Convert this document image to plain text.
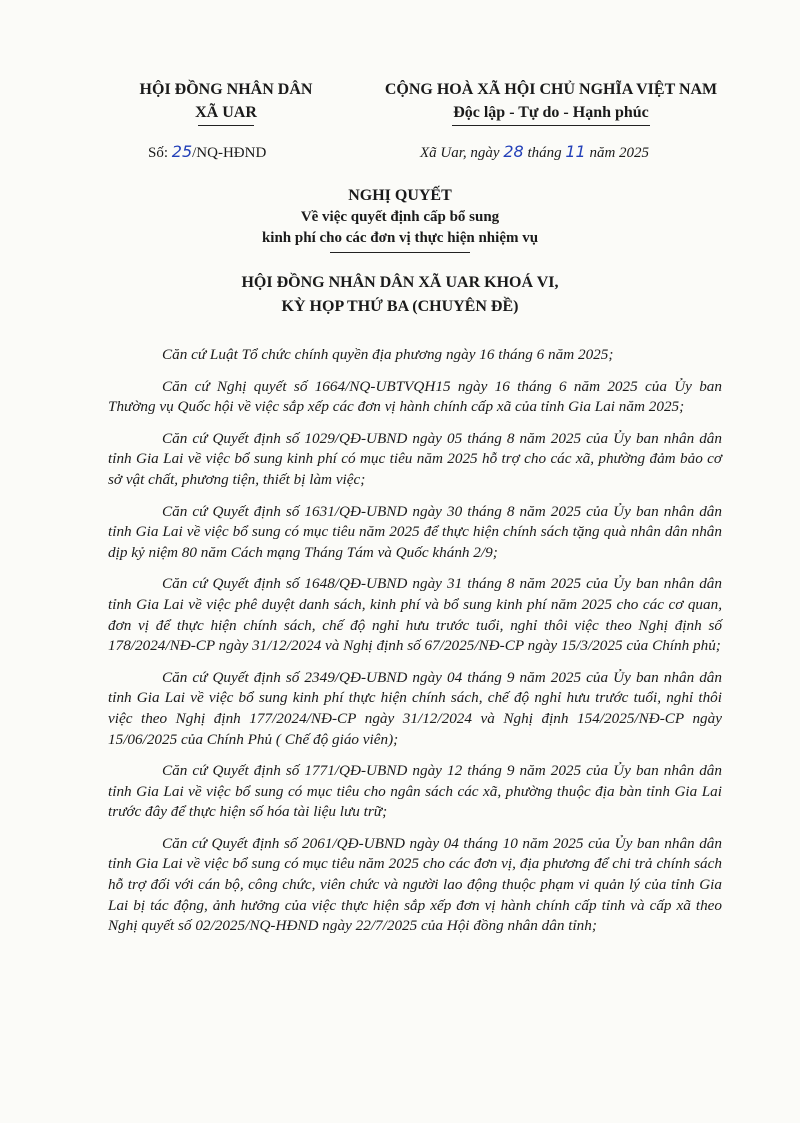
HỘI ĐỒNG NHÂN DÂN
XÃ UAR
CỘNG HOÀ XÃ HỘI CHỦ NGHĨA VIỆT NAM
Độc lập - Tự do - Hạnh phúc
Số: 25/NQ-HĐND	Xã Uar, ngày 28 tháng 11 năm 2025
NGHỊ QUYẾT
Về việc quyết định cấp bổ sung
kinh phí cho các đơn vị thực hiện nhiệm vụ
HỘI ĐỒNG NHÂN DÂN XÃ UAR KHOÁ VI,
KỲ HỌP THỨ BA (CHUYÊN ĐỀ)

Căn cứ Luật Tổ chức chính quyền địa phương ngày 16 tháng 6 năm 2025;

Căn cứ Nghị quyết số 1664/NQ-UBTVQH15 ngày 16 tháng 6 năm 2025 của Ủy ban Thường vụ Quốc hội về việc sắp xếp các đơn vị hành chính cấp xã của tỉnh Gia Lai năm 2025;

Căn cứ Quyết định số 1029/QĐ-UBND ngày 05 tháng 8 năm 2025 của Ủy ban nhân dân tỉnh Gia Lai về việc bổ sung kinh phí có mục tiêu năm 2025 hỗ trợ cho các xã, phường đảm bảo cơ sở vật chất, phương tiện, thiết bị làm việc;

Căn cứ Quyết định số 1631/QĐ-UBND ngày 30 tháng 8 năm 2025 của Ủy ban nhân dân tỉnh Gia Lai về việc bổ sung có mục tiêu năm 2025 để thực hiện chính sách tặng quà nhân dân nhân dịp kỷ niệm 80 năm Cách mạng Tháng Tám và Quốc khánh 2/9;

Căn cứ Quyết định số 1648/QĐ-UBND ngày 31 tháng 8 năm 2025 của Ủy ban nhân dân tỉnh Gia Lai về việc phê duyệt danh sách, kinh phí và bổ sung kinh phí năm 2025 cho các cơ quan, đơn vị để thực hiện chính sách, chế độ nghỉ hưu trước tuổi, nghỉ thôi việc theo Nghị định số 178/2024/NĐ-CP ngày 31/12/2024 và Nghị định số 67/2025/NĐ-CP ngày 15/3/2025 của Chính phủ;

Căn cứ Quyết định số 2349/QĐ-UBND ngày 04 tháng 9 năm 2025 của Ủy ban nhân dân tỉnh Gia Lai về việc bổ sung kinh phí thực hiện chính sách, chế độ nghỉ hưu trước tuổi, nghỉ thôi việc theo Nghị định 177/2024/NĐ-CP ngày 31/12/2024 và Nghị định 154/2025/NĐ-CP ngày 15/06/2025 của Chính Phủ ( Chế độ giáo viên);

Căn cứ Quyết định số 1771/QĐ-UBND ngày 12 tháng 9 năm 2025 của Ủy ban nhân dân tỉnh Gia Lai về việc bổ sung có mục tiêu cho ngân sách các xã, phường thuộc địa bàn tỉnh Gia Lai trước đây để thực hiện số hóa tài liệu lưu trữ;

Căn cứ Quyết định số 2061/QĐ-UBND ngày 04 tháng 10 năm 2025 của Ủy ban nhân dân tỉnh Gia Lai về việc bổ sung có mục tiêu năm 2025 cho các đơn vị, địa phương để chi trả chính sách hỗ trợ đối với cán bộ, công chức, viên chức và người lao động thuộc phạm vi quản lý của tỉnh Gia Lai bị tác động, ảnh hưởng của việc thực hiện sắp xếp đơn vị hành chính cấp tỉnh và cấp xã theo Nghị quyết số 02/2025/NQ-HĐND ngày 22/7/2025 của Hội đồng nhân dân tỉnh;
